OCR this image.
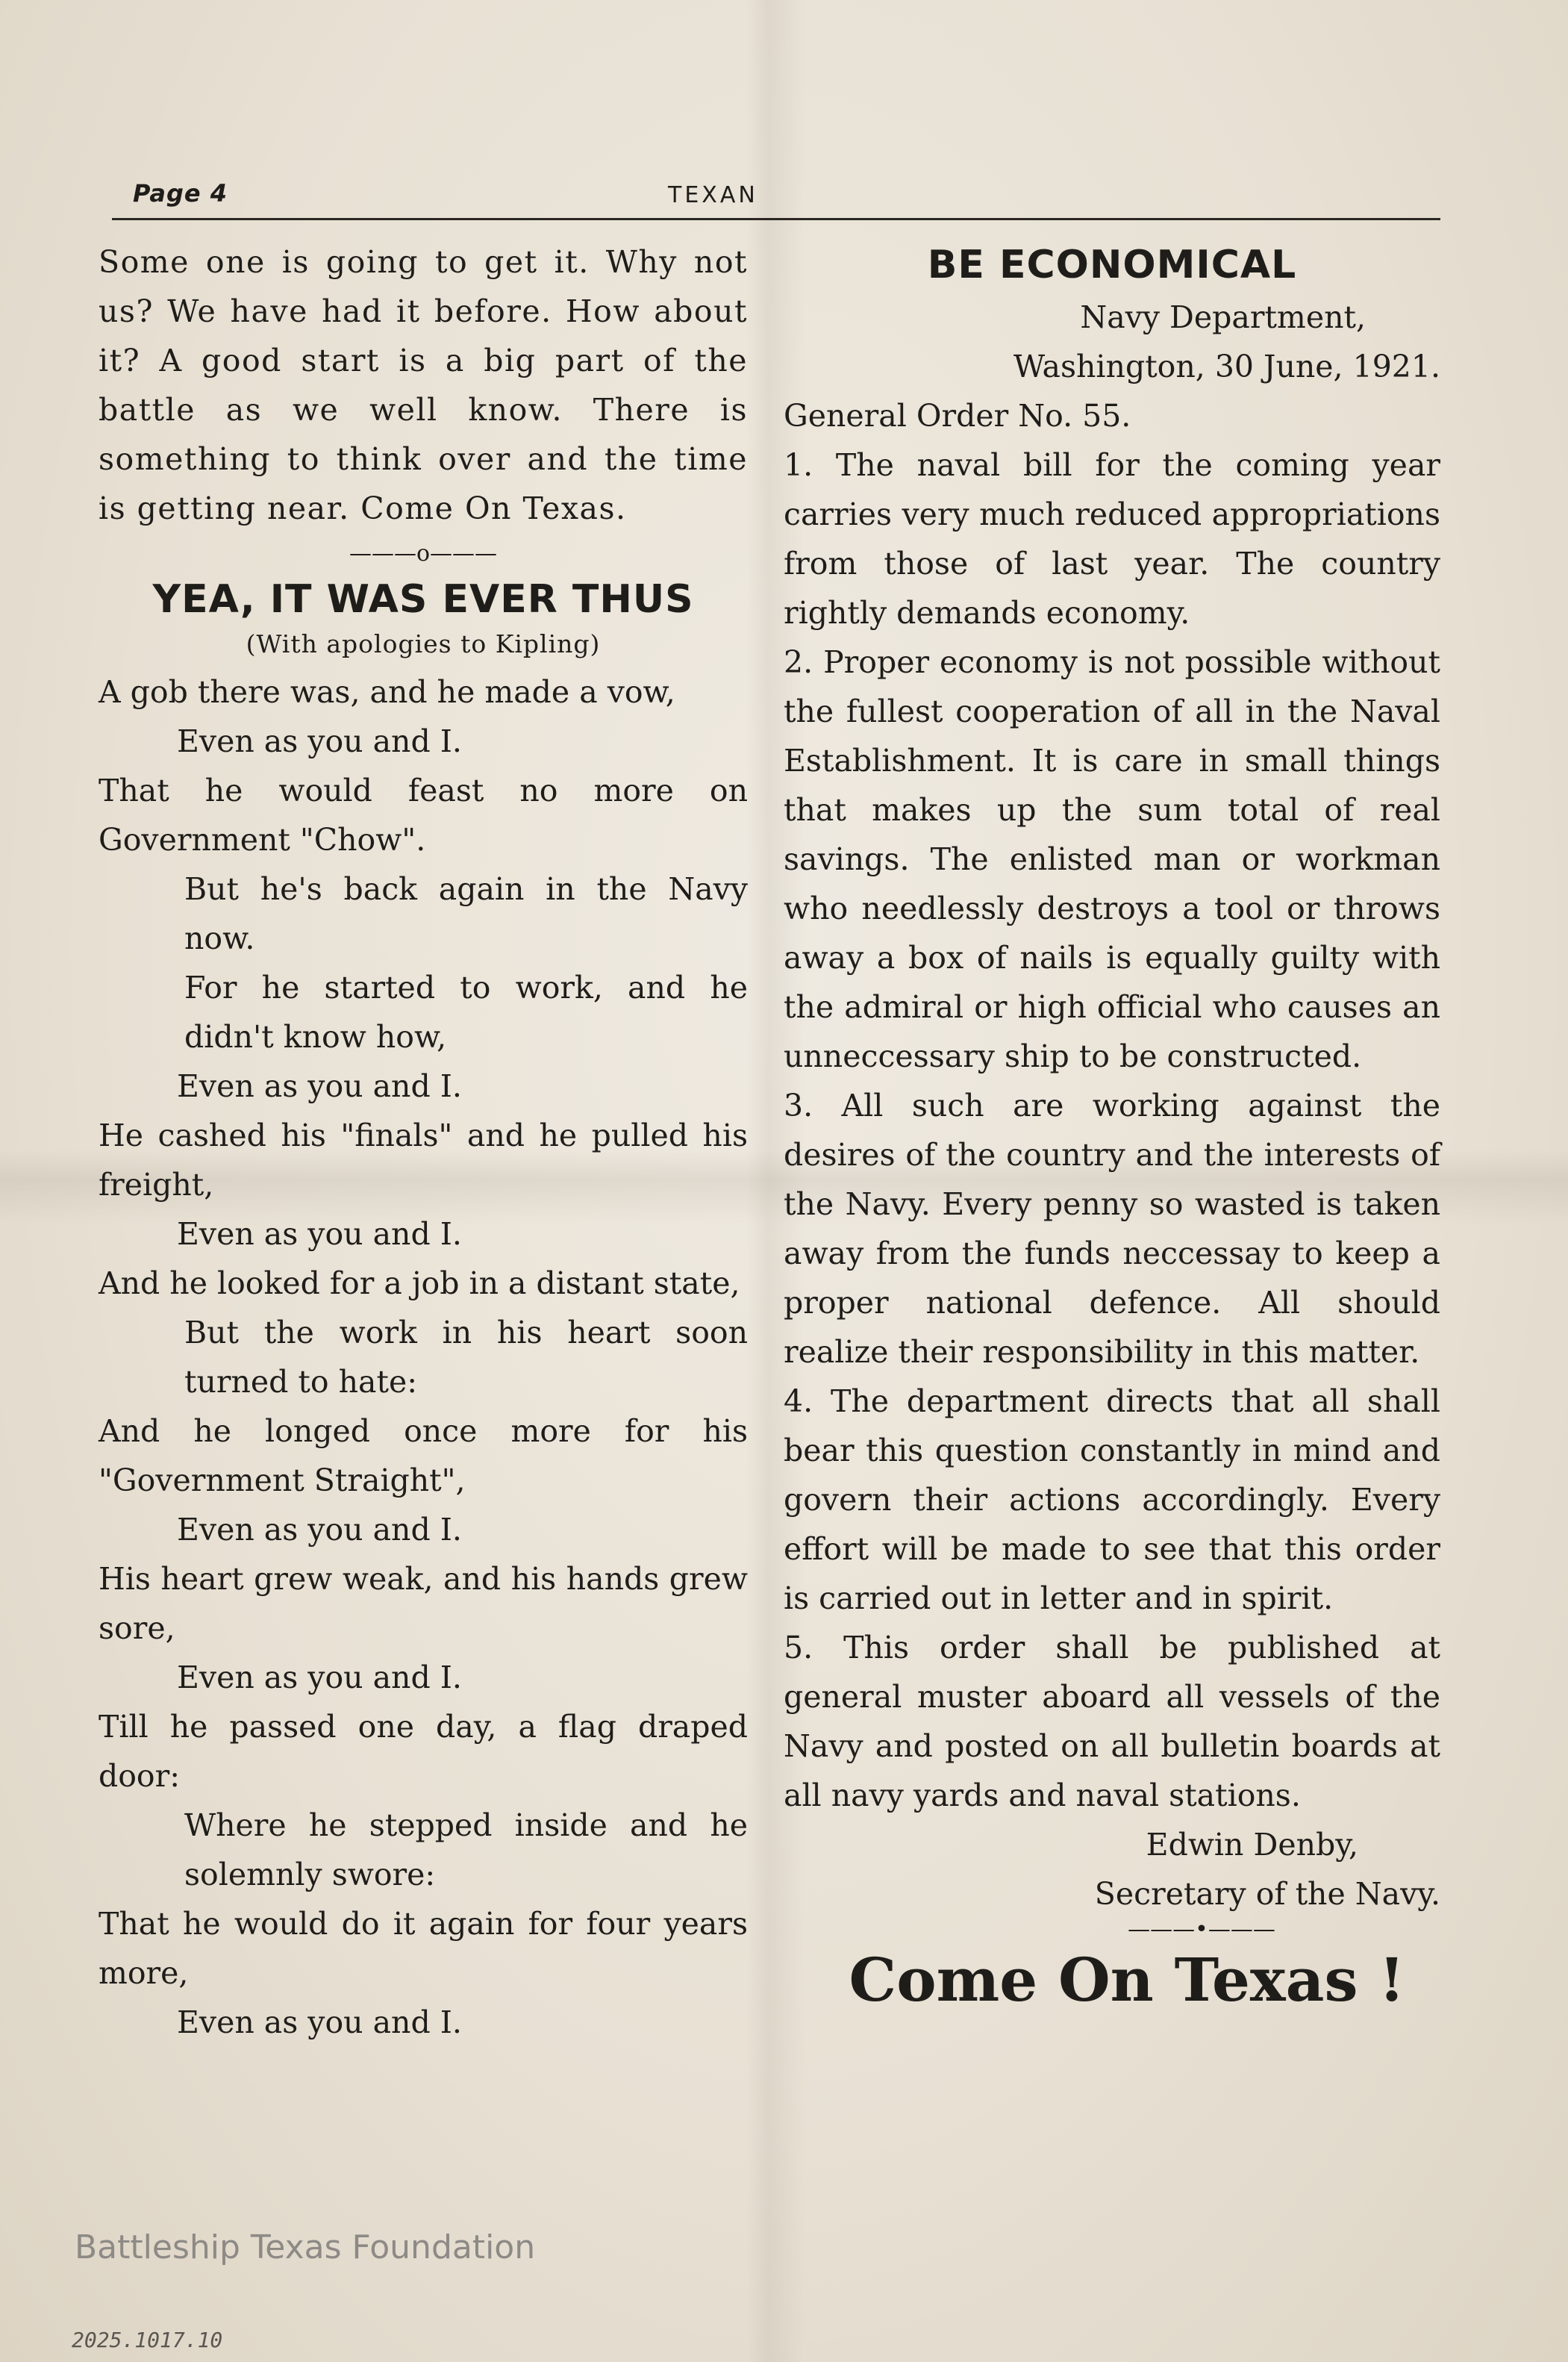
Page 4	TEXAN

Some one is going to get it. Why not us? We have had it before. How about it? A good start is a big part of the battle as we well know. There is something to think over and the time is getting near. Come On Texas.

———o———
YEA, IT WAS EVER THUS
(With apologies to Kipling)
A gob there was, and he made a vow,
Even as you and I.
That he would feast no more on Government "Chow".
But he's back again in the Navy now.
For he started to work, and he didn't know how,
Even as you and I.
He cashed his "finals" and he pulled his freight,
Even as you and I.
And he looked for a job in a distant state,
But the work in his heart soon turned to hate:
And he longed once more for his "Government Straight",
Even as you and I.
His heart grew weak, and his hands grew sore,
Even as you and I.
Till he passed one day, a flag draped door:
Where he stepped inside and he solemnly swore:
That he would do it again for four years more,
Even as you and I.
BE ECONOMICAL
Navy Department,
Washington, 30 June, 1921.

General Order No. 55.

1. The naval bill for the coming year carries very much reduced appropriations from those of last year. The country rightly demands economy.

2. Proper economy is not possible without the fullest cooperation of all in the Naval Establishment. It is care in small things that makes up the sum total of real savings. The enlisted man or workman who needlessly destroys a tool or throws away a box of nails is equally guilty with the admiral or high official who causes an unneccessary ship to be constructed.

3. All such are working against the desires of the country and the interests of the Navy. Every penny so wasted is taken away from the funds neccessay to keep a proper national defence. All should realize their responsibility in this matter.

4. The department directs that all shall bear this question constantly in mind and govern their actions accordingly. Every effort will be made to see that this order is carried out in letter and in spirit.

5. This order shall be published at general muster aboard all vessels of the Navy and posted on all bulletin boards at all navy yards and naval stations.

Edwin Denby,
Secretary of the Navy.
———•———
Come On Texas !
Battleship Texas Foundation
2025.1017.10
